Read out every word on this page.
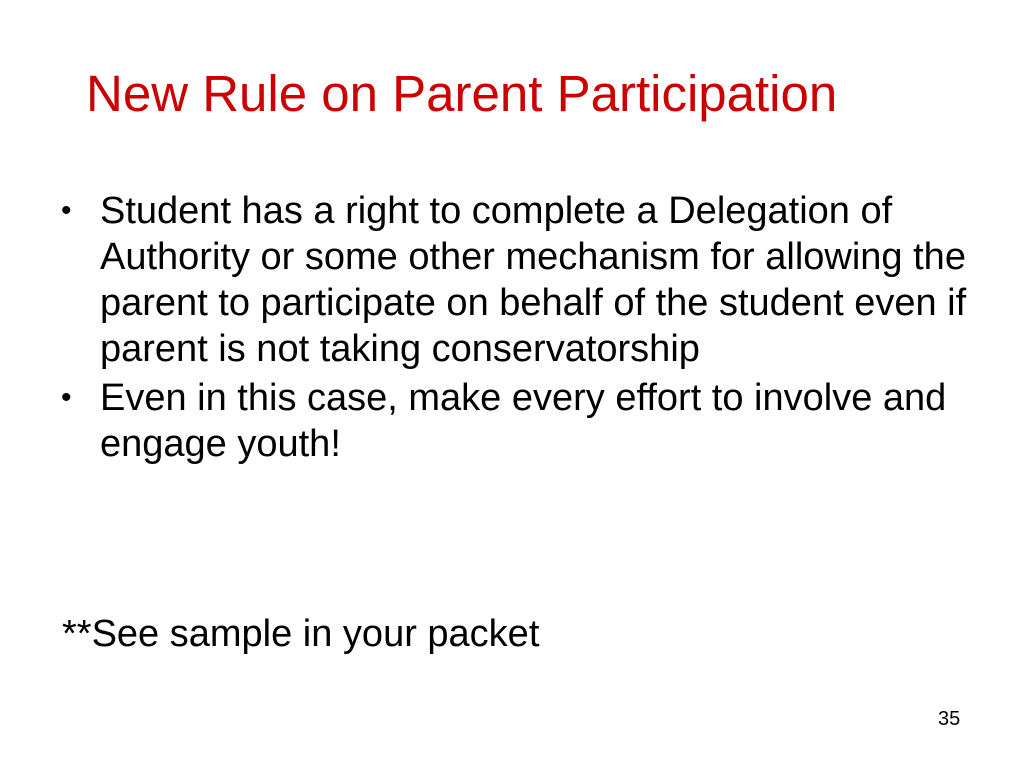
New Rule on Parent Participation
• Student has a right to complete a Delegation of Authority or some other mechanism for allowing the parent to participate on behalf of the student even if parent is not taking conservatorship
• Even in this case, make every effort to involve and engage youth!

**See sample in your packet

35
